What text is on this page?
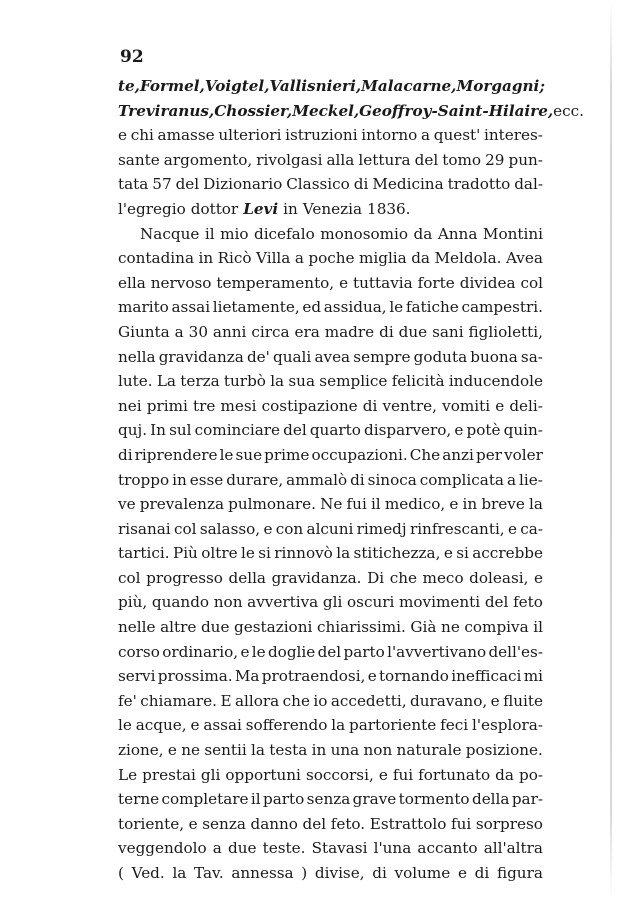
92
te, Formel, Voigtel, Vallisnieri, Malacarne, Morgagni ;
Treviranus, Chossier, Meckel, Geoffroy-Saint-Hilaire, ecc.
e chi amasse ulteriori istruzioni intorno a quest' interes-
sante argomento, rivolgasi alla lettura del tomo 29 pun-
tata 57 del Dizionario Classico di Medicina tradotto dal-
l'egregio dottor Levi in Venezia 1836.
Nacque il mio dicefalo monosomio da Anna Montini
contadina in Ricò Villa a poche miglia da Meldola. Avea
ella nervoso temperamento, e tuttavia forte dividea col
marito assai lietamente, ed assidua, le fatiche campestri.
Giunta a 30 anni circa era madre di due sani figlioletti,
nella gravidanza de' quali avea sempre goduta buona sa-
lute. La terza turbò la sua semplice felicità inducendole
nei primi tre mesi costipazione di ventre, vomiti e deli-
quj. In sul cominciare del quarto disparvero, e potè quin-
di riprendere le sue prime occupazioni. Che anzi per voler
troppo in esse durare, ammalò di sinoca complicata a lie-
ve prevalenza pulmonare. Ne fui il medico, e in breve la
risanai col salasso, e con alcuni rimedj rinfrescanti, e ca-
tartici. Più oltre le si rinnovò la stitichezza, e si accrebbe
col progresso della gravidanza. Di che meco doleasi, e
più, quando non avvertiva gli oscuri movimenti del feto
nelle altre due gestazioni chiarissimi. Già ne compiva il
corso ordinario, e le doglie del parto l'avvertivano dell'es-
servi prossima. Ma protraendosi, e tornando inefficaci mi
fe' chiamare. E allora che io accedetti, duravano, e fluite
le acque, e assai sofferendo la partoriente feci l'esplora-
zione, e ne sentii la testa in una non naturale posizione.
Le prestai gli opportuni soccorsi, e fui fortunato da po-
terne completare il parto senza grave tormento della par-
toriente, e senza danno del feto. Estrattolo fui sorpreso
veggendolo a due teste. Stavasi l'una accanto all'altra
( Ved. la Tav. annessa ) divise, di volume e di figura
